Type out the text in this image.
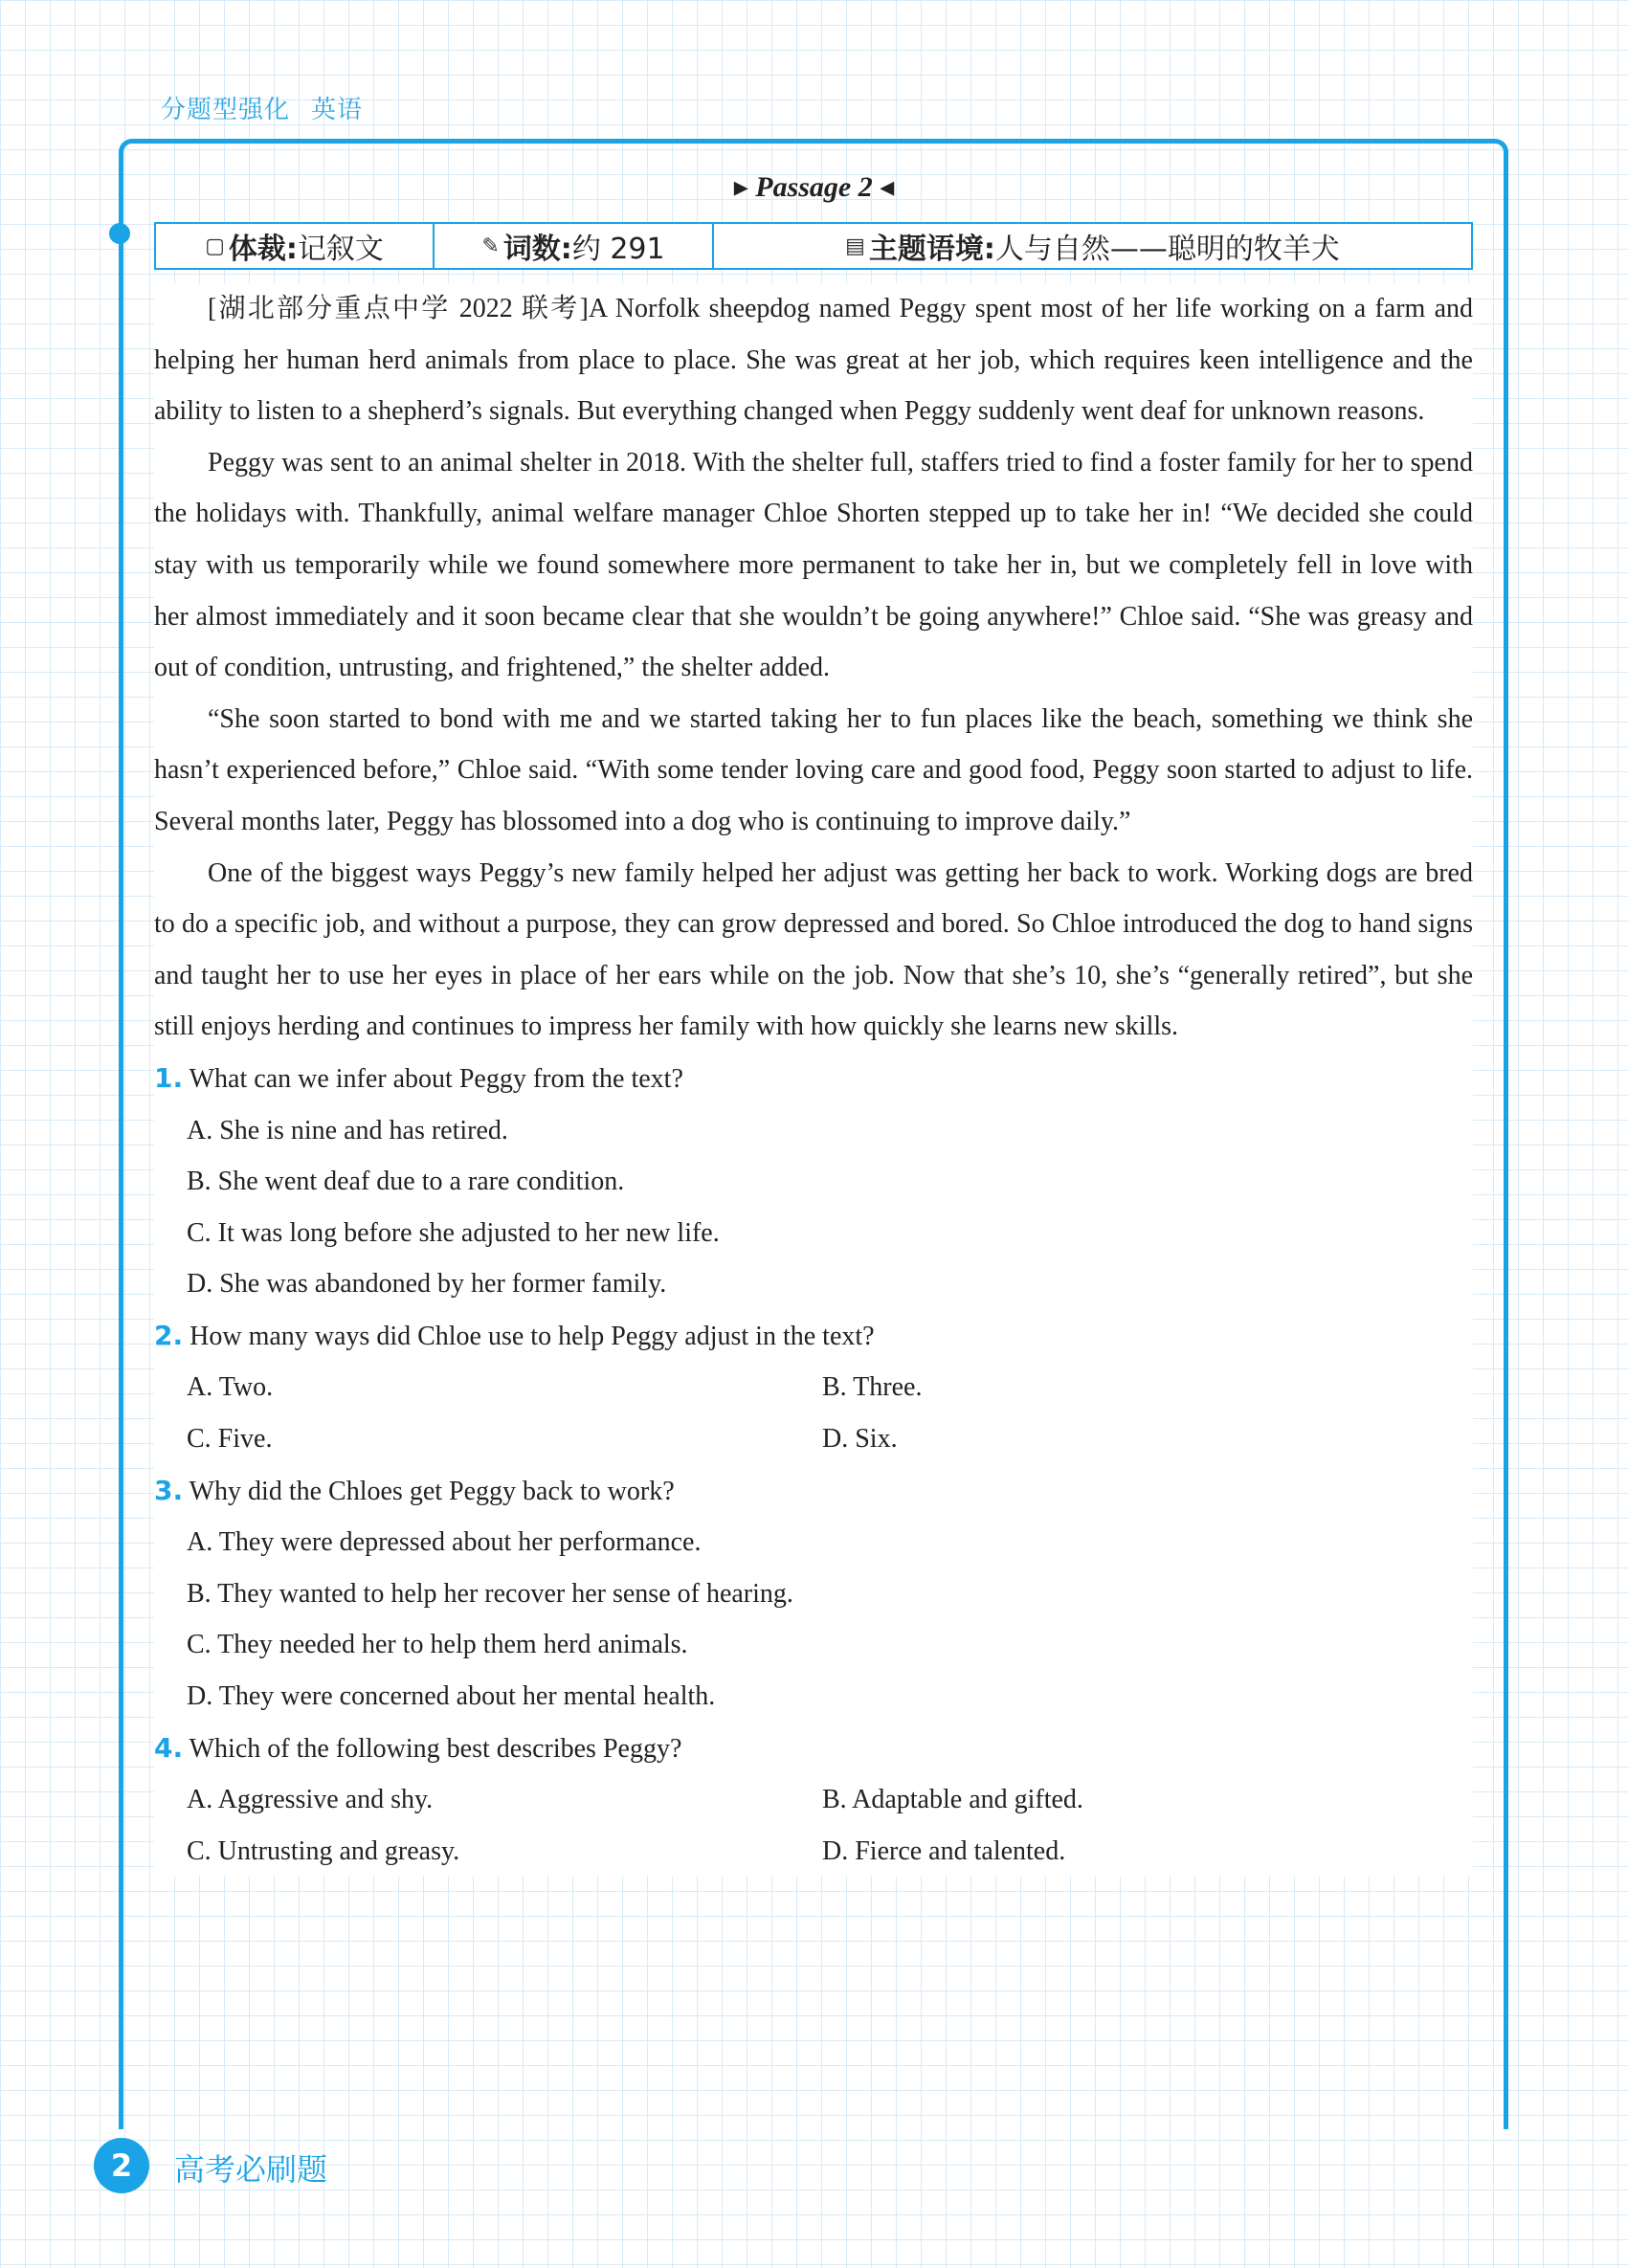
分题型强化 英语
▸ Passage 2 ◂
▢ 体裁: 记叙文	✎ 词数: 约 291	▤ 主题语境: 人与自然——聪明的牧羊犬

[湖北部分重点中学 2022 联考]A Norfolk sheepdog named Peggy spent most of her life working on a farm and helping her human herd animals from place to place. She was great at her job, which requires keen intelligence and the ability to listen to a shepherd’s signals. But everything changed when Peggy suddenly went deaf for unknown reasons.

Peggy was sent to an animal shelter in 2018. With the shelter full, staffers tried to find a foster family for her to spend the holidays with. Thankfully, animal welfare manager Chloe Shorten stepped up to take her in! “We decided she could stay with us temporarily while we found somewhere more permanent to take her in, but we completely fell in love with her almost immediately and it soon became clear that she wouldn’t be going anywhere!” Chloe said. “She was greasy and out of condition, untrusting, and frightened,” the shelter added.

“She soon started to bond with me and we started taking her to fun places like the beach, something we think she hasn’t experienced before,” Chloe said. “With some tender loving care and good food, Peggy soon started to adjust to life. Several months later, Peggy has blossomed into a dog who is continuing to improve daily.”

One of the biggest ways Peggy’s new family helped her adjust was getting her back to work. Working dogs are bred to do a specific job, and without a purpose, they can grow depressed and bored. So Chloe introduced the dog to hand signs and taught her to use her eyes in place of her ears while on the job. Now that she’s 10, she’s “generally retired”, but she still enjoys herding and continues to impress her family with how quickly she learns new skills.

1. What can we infer about Peggy from the text?

A. She is nine and has retired.

B. She went deaf due to a rare condition.

C. It was long before she adjusted to her new life.

D. She was abandoned by her former family.

2. How many ways did Chloe use to help Peggy adjust in the text?

A. Two.	B. Three.
C. Five.	D. Six.

3. Why did the Chloes get Peggy back to work?

A. They were depressed about her performance.

B. They wanted to help her recover her sense of hearing.

C. They needed her to help them herd animals.

D. They were concerned about her mental health.

4. Which of the following best describes Peggy?

A. Aggressive and shy.	B. Adaptable and gifted.
C. Untrusting and greasy.	D. Fierce and talented.
2	高考必刷题
